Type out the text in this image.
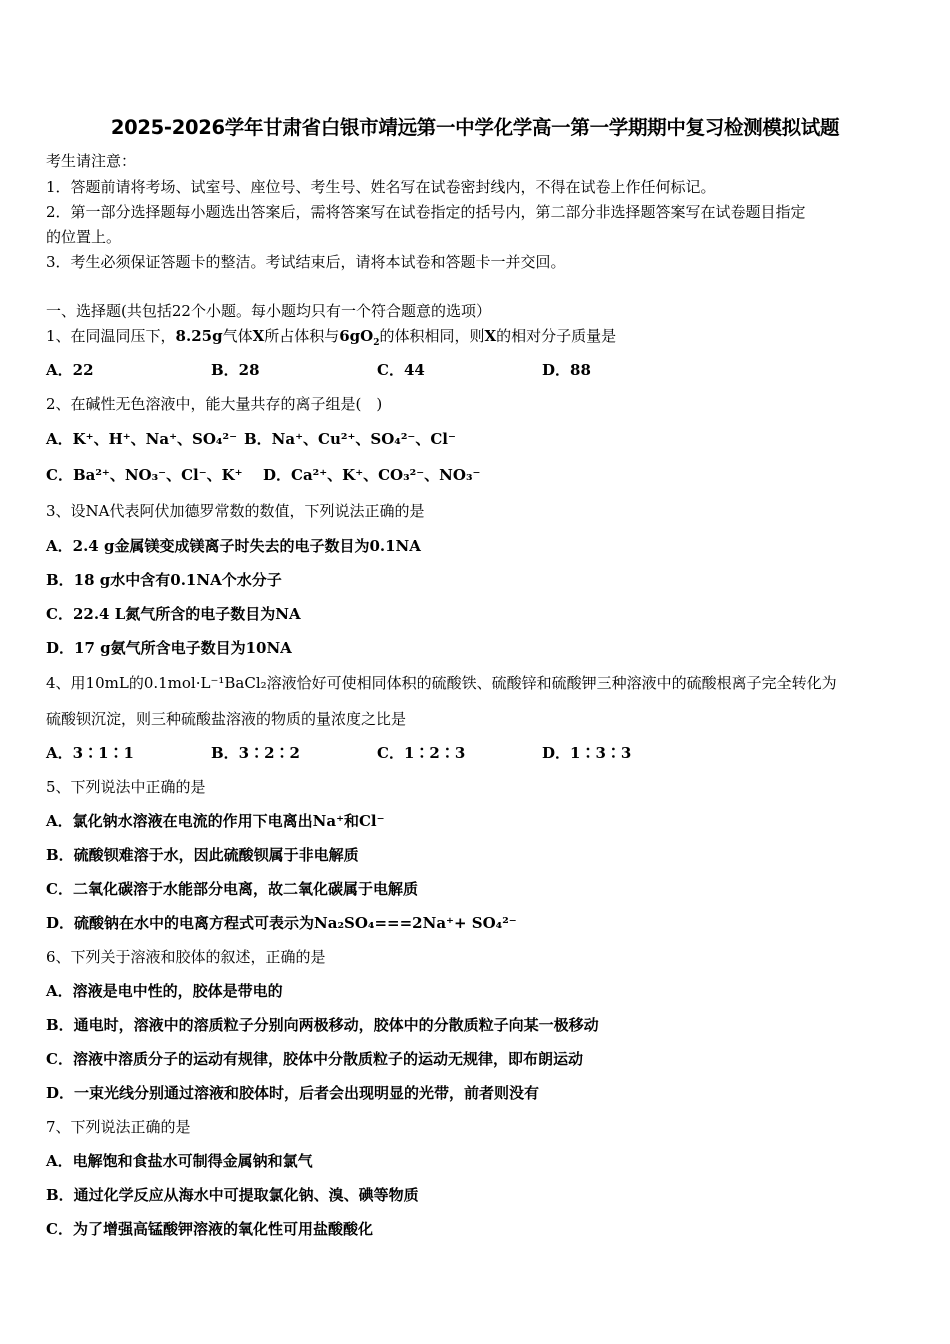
2025-2026学年甘肃省白银市靖远第一中学化学高一第一学期期中复习检测模拟试题
考生请注意：
1．答题前请将考场、试室号、座位号、考生号、姓名写在试卷密封线内，不得在试卷上作任何标记。
2．第一部分选择题每小题选出答案后，需将答案写在试卷指定的括号内，第二部分非选择题答案写在试卷题目指定
的位置上。
3．考生必须保证答题卡的整洁。考试结束后，请将本试卷和答题卡一并交回。
一、选择题(共包括22个小题。每小题均只有一个符合题意的选项）
1、在同温同压下，8.25g气体X所占体积与$6gO_2$的体积相同，则X的相对分子质量是
A．22	B．28	C．44	D．88
2、在碱性无色溶液中，能大量共存的离子组是(　)
A．K⁺、H⁺、Na⁺、SO₄²⁻ B．Na⁺、Cu²⁺、SO₄²⁻、Cl⁻
C．Ba²⁺、NO₃⁻、Cl⁻、K⁺ D．Ca²⁺、K⁺、CO₃²⁻、NO₃⁻
3、设NA代表阿伏加德罗常数的数值，下列说法正确的是
A．2.4 g金属镁变成镁离子时失去的电子数目为0.1NA
B．18 g水中含有0.1NA个水分子
C．22.4 L氮气所含的电子数目为NA
D．17 g氨气所含电子数目为10NA
4、用10mL的0.1mol·L⁻¹BaCl₂溶液恰好可使相同体积的硫酸铁、硫酸锌和硫酸钾三种溶液中的硫酸根离子完全转化为
硫酸钡沉淀，则三种硫酸盐溶液的物质的量浓度之比是
A．3∶1∶1	B．3∶2∶2	C．1∶2∶3	D．1∶3∶3
5、下列说法中正确的是
A．氯化钠水溶液在电流的作用下电离出Na⁺和Cl⁻
B．硫酸钡难溶于水，因此硫酸钡属于非电解质
C．二氧化碳溶于水能部分电离，故二氧化碳属于电解质
D．硫酸钠在水中的电离方程式可表示为Na₂SO₄===2Na⁺+ SO₄²⁻
6、下列关于溶液和胶体的叙述，正确的是
A．溶液是电中性的，胶体是带电的
B．通电时，溶液中的溶质粒子分别向两极移动，胶体中的分散质粒子向某一极移动
C．溶液中溶质分子的运动有规律，胶体中分散质粒子的运动无规律，即布朗运动
D．一束光线分别通过溶液和胶体时，后者会出现明显的光带，前者则没有
7、下列说法正确的是
A．电解饱和食盐水可制得金属钠和氯气
B．通过化学反应从海水中可提取氯化钠、溴、碘等物质
C．为了增强高锰酸钾溶液的氧化性可用盐酸酸化
